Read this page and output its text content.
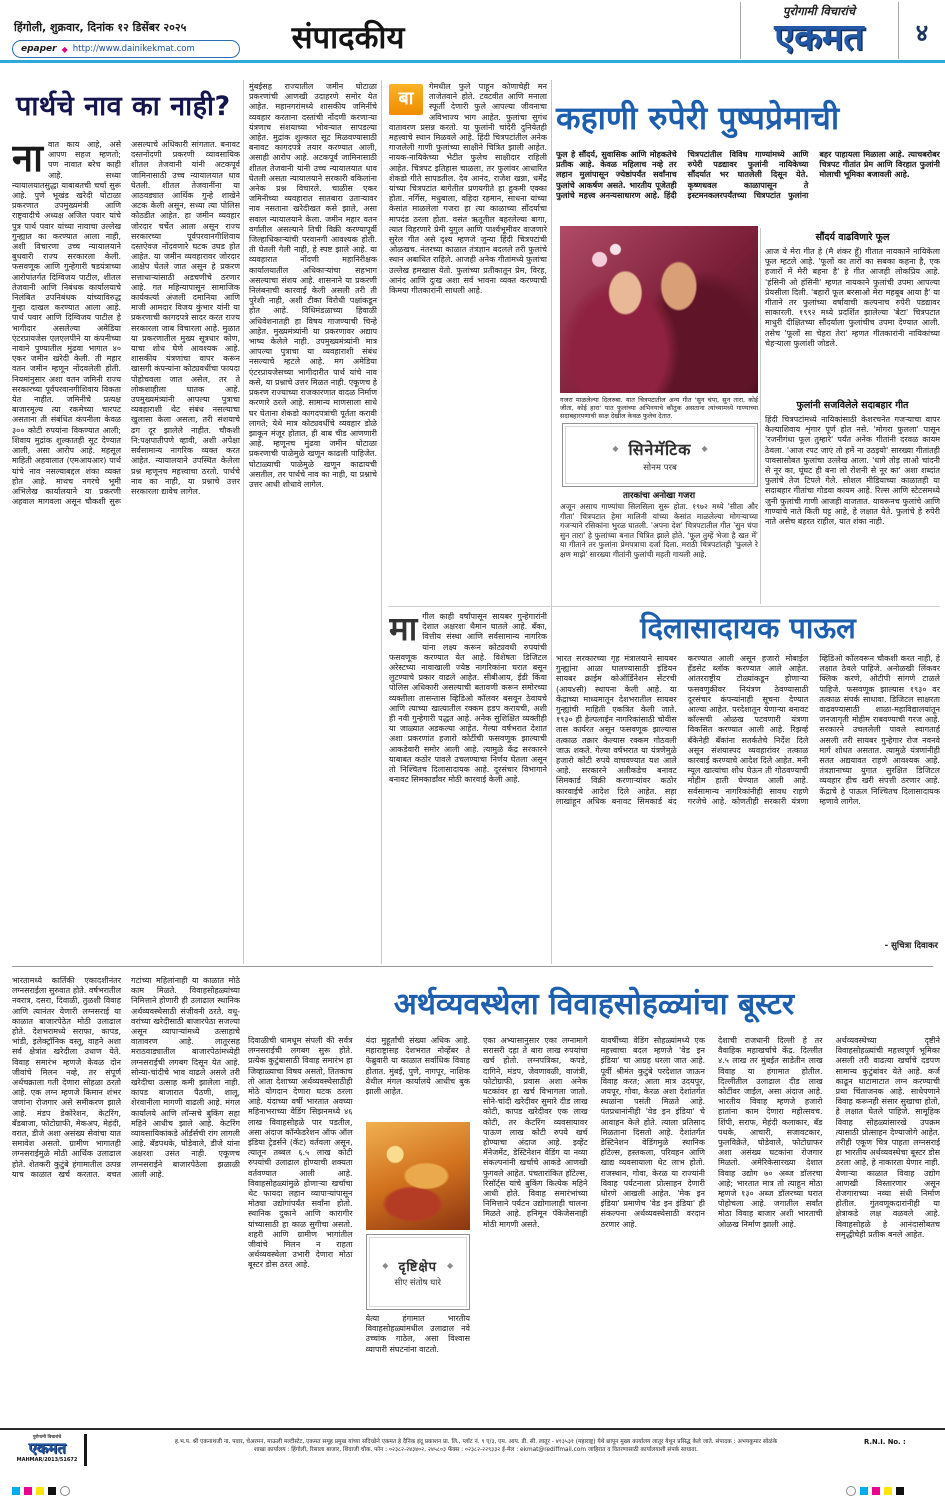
हिंगोली, शुक्रवार, दिनांक १२ डिसेंबर २०२५
epaper ◆ http://www.dainikekmat.com	संपादकीय
पुरोगामी विचारांचे
एकमत	४
पार्थचे नाव का नाही?
नावात काय आहे, असे आपण सहज म्हणतो; पण नावात बरेच काही आहे. सध्या न्यायालयातसुद्धा याबाबतची चर्चा सुरू आहे. पुणे भूखंड खरेदी घोटाळा प्रकरणात उपमुख्यमंत्री आणि राष्ट्रवादीचे अध्यक्ष अजित पवार यांचे पुत्र पार्थ पवार यांच्या नावाचा उल्लेख गुन्ह्यात का करण्यात आला नाही, अशी विचारणा उच्च न्यायालयाने बुधवारी राज्य सरकारला केली. फसवणूक आणि गुन्हेगारी षडयंत्राच्या आरोपांतर्गत दिग्विजय पाटील, शीतल तेजवानी आणि निबंधक कार्यालयाचे निलंबित उपनिबंधक यांच्याविरुद्ध गुन्हा दाखल करण्यात आला आहे. पार्थ पवार आणि दिग्विजय पाटील हे भागीदार असलेल्या अमेडिया एंटरप्रायजेस एलएलपीने या कंपनीच्या नावाने पुण्यातील मुंढवा भागात ४० एकर जमीन खरेदी केली. ती महार वतन जमीन म्हणून नोंदवलेली होती. नियमांनुसार अशा वतन जमिनी राज्य सरकारच्या पूर्वपरवानगीशिवाय विकता येत नाहीत. जमिनीचे प्रत्यक्ष बाजारमूल्य त्या रकमेच्या चारपट असताना ती संबंधित कंपनीला केवळ ३०० कोटी रुपयांना विकण्यात आली; शिवाय मुद्रांक शुल्कातही सूट देण्यात आली, असा आरोप आहे. महसूल माहिती अहवालात (एमआयआर) पार्थ यांचे नाव नसल्याबद्दल शंका व्यक्त होत आहे. माथच नगरचे भूमी अभिलेख कार्यालयाने या प्रकरणी अहवाल मागवला असून चौकशी सुरू असल्याचे अधिकारी सांगतात. बनावट दस्तनोंदणी प्रकरणी व्यावसायिक शीतल तेजवानी यांनी अटकपूर्व जामिनासाठी उच्च न्यायालयात धाव घेतली. शीतल तेजवानींना या आठवड्यात आर्थिक गुन्हे शाखेने अटक केली असून, सध्या त्या पोलिस कोठडीत आहेत. हा जमीन व्यवहार जोरदार चर्चेत आला असून राज्य सरकारच्या पूर्वपरवानगीशिवाय दस्तऐवज नोंदवणारे घटक उघड होत आहेत. या जमीन व्यवहारावर जोरदार आक्षेप घेतले जात असून हे प्रकरण सत्ताधाऱ्यांसाठी अडचणीचे ठरणार आहे. गत महिन्यापासून सामाजिक कार्यकर्त्या अंजली दमानिया आणि माजी आमदार विजय कुंभार यांनी या प्रकरणाची कागदपत्रे सादर करत राज्य सरकारला जाब विचारला आहे. मुळात या प्रकरणातील मुख्य सूत्रधार कोण, याचा शोध घेणे आवश्यक आहे. शासकीय यंत्रणांचा वापर करून खासगी कंपन्यांना कोट्यवधींचा फायदा पोहोचवला जात असेल, तर ते लोकशाहीला घातक आहे. उपमुख्यमंत्र्यांनी आपल्या पुत्राचा व्यवहाराशी थेट संबंध नसल्याचा खुलासा केला असला, तरी संशयाचे ढग दूर झालेले नाहीत. चौकशी नि:पक्षपातीपणे व्हावी, अशी अपेक्षा सर्वसामान्य नागरिक व्यक्त करत आहेत. न्यायालयाने उपस्थित केलेला प्रश्न म्हणूनच महत्त्वाचा ठरतो. पार्थचे नाव का नाही, या प्रश्नाचे उत्तर सरकारला द्यावेच लागेल.
मुंबईसह राज्यातील जमीन घोटाळा प्रकरणांची आणखी उदाहरणे समोर येत आहेत. महानगरांमध्ये शासकीय जमिनींचे व्यवहार करताना दस्तांची नोंदणी करणाऱ्या यंत्रणाच संशयाच्या भोवऱ्यात सापडल्या आहेत. मुद्रांक शुल्कात सूट मिळवण्यासाठी बनावट कागदपत्रे तयार करण्यात आली, असाही आरोप आहे. अटकपूर्व जामिनासाठी शीतल तेजवानी यांनी उच्च न्यायालयात धाव घेतली असता न्यायालयाने सरकारी वकिलांना अनेक प्रश्न विचारले. चाळीस एकर जमिनीच्या व्यवहारात सातबारा उताऱ्यावर नाव नसताना खरेदीखत कसे झाले, असा सवाल न्यायालयाने केला. जमीन महार वतन वर्गातील असल्याने तिची विक्री करण्यापूर्वी जिल्हाधिकाऱ्यांची परवानगी आवश्यक होती. ती घेतली गेली नाही, हे स्पष्ट झाले आहे. या व्यवहारात नोंदणी महानिरीक्षक कार्यालयातील अधिकाऱ्यांचा सहभाग असल्याचा संशय आहे. शासनाने या प्रकरणी निलंबनाची कारवाई केली असली तरी ती पुरेशी नाही, अशी टीका विरोधी पक्षांकडून होत आहे. विधिमंडळाच्या हिवाळी अधिवेशनातही हा विषय गाजण्याची चिन्हे आहेत. मुख्यमंत्र्यांनी या प्रकरणावर अद्याप भाष्य केलेले नाही. उपमुख्यमंत्र्यांनी मात्र आपल्या पुत्राचा या व्यवहाराशी संबंध नसल्याचे म्हटले आहे. मग अमेडिया एंटरप्रायजेसच्या भागीदारीत पार्थ यांचे नाव कसे, या प्रश्नाचे उत्तर मिळत नाही. एकूणच हे प्रकरण राज्याच्या राजकारणात वादळ निर्माण करणारे ठरले आहे. सामान्य माणसाला साधे घर घेताना शेकडो कागदपत्रांची पूर्तता करावी लागते; येथे मात्र कोट्यवधींचे व्यवहार डोळे झाकून मंजूर होतात, ही बाब चीड आणणारी आहे. म्हणूनच मुंढवा जमीन घोटाळा प्रकरणाची पाळेमुळे खणून काढली पाहिजेत. घोटाळ्याची पाळेमुळे खणून काढायची असतील, तर पार्थचे नाव का नाही, या प्रश्नाचे उत्तर आधी शोधावे लागेल.
बा
गेमधील फुले पाहून कोणाचेही मन ताजेतवाने होते. टवटवीत आणि मनाला स्फूर्ती देणारी फुले आपल्या जीवनाचा अविभाज्य भाग आहेत. फुलांचा सुगंध वातावरण प्रसन्न करतो. या फुलांनी चांदेरी दुनियेतही महत्त्वाचे स्थान मिळवले आहे. हिंदी चित्रपटांतील अनेक गाजलेली गाणी फुलांच्या साक्षीने चित्रित झाली आहेत. नायक-नायिकेच्या भेटीत फुलेच साक्षीदार राहिली आहेत. चित्रपट इतिहास चाळला, तर फुलांवर आधारित शेकडो गीते सापडतील. देव आनंद, राजेश खन्ना, धर्मेंद्र यांच्या चित्रपटांत बागेतील प्रणयगीते हा हुकमी एक्का होता. नर्गिस, मधुबाला, वहिदा रहमान, साधना यांच्या केसांत माळलेला गजरा हा त्या काळाच्या सौंदर्याचा मापदंड ठरला होता. वसंत ऋतूतील बहरलेल्या बागा, त्यात विहरणारे प्रेमी युगुल आणि पार्श्वभूमीवर वाजणारे सुरेल गीत असे दृश्य म्हणजे जुन्या हिंदी चित्रपटांची ओळखच. नंतरच्या काळात तंत्रज्ञान बदलले तरी फुलांचे स्थान अबाधित राहिले. आजही अनेक गीतांमध्ये फुलांचा उल्लेख हमखास येतो. फुलांच्या प्रतीकातून प्रेम, विरह, आनंद आणि दुःख अशा सर्व भावना व्यक्त करण्याची किमया गीतकारांनी साधली आहे.
कहाणी रुपेरी पुष्पप्रेमाची
फूल हे सौंदर्य, सुवासिक आणि मोहकतेचे प्रतीक आहे. केवळ महिलाच नव्हे तर लहान मुलांपासून ज्येष्ठांपर्यंत सर्वांनाच फुलांचे आकर्षण असते. भारतीय पूजेतही फुलांचे महत्त्व अनन्यसाधारण आहे. हिंदी चित्रपटांतील विविध गाण्यांमध्ये आणि रुपेरी पडद्यावर फुलांनी नायिकेच्या सौंदर्यात भर घातलेली दिसून येते. कृष्णधवल काळापासून ते इस्टमनकलरपर्यंतच्या चित्रपटांत फुलांना बहर पाहायला मिळाला आहे. त्याचबरोबर चित्रपट गीतांत प्रेम आणि विरहात फुलांनी मोलाची भूमिका बजावली आहे.
गजरा माळलेल्या दिलरुबा. यात चित्रपटातील अन्य गीत 'सुन चंपा, सुन तारा, कोई जीता, कोई हारा' यात फुलांच्या अभिनयाचे कौतुक असताना त्यांच्यामध्ये गाण्याच्या सदाबहारपणाची साक्ष देखील केवळ फुलेच देतात.
◆ सिनेमॅटिक ◆
सोनम परब
तारकांचा अनोखा गजरा
अजून असाच गाण्यांचा सिलसिला सुरू होता. १९७२ मध्ये 'सीता और गीता' चित्रपटात हेमा मालिनी यांच्या केसांत माळलेल्या मोगऱ्याच्या गजऱ्याने रसिकांना भुरळ घातली. 'अपना देश' चित्रपटातील गीत 'सुन चंपा सुन तारा' हे फुलांच्या बनात चित्रित झाले होते. 'फूल तुम्हें भेजा है खत में' या गीताने तर फुलांना प्रेमपत्राचा दर्जा दिला. मराठी चित्रपटांतही 'फुलले रे क्षण माझे' सारख्या गीतांनी फुलांची महती गायली आहे.
सौंदर्य वाढविणारे फूल
आज ये मेरा गीत हे (मै शंकर हूँ) गीतात नायकाने नायिकेला फूल म्हटले आहे. 'फूलों का तारों का सबका कहना है, एक हजारों में मेरी बहना है' हे गीत आजही लोकप्रिय आहे. 'हंसिनी ओ हंसिनी' म्हणत नायकाने फुलांची उपमा आपल्या प्रेयसीला दिली. 'बहारों फूल बरसाओ मेरा महबूब आया है' या गीताने तर फुलांच्या वर्षावाची कल्पनाच रुपेरी पडद्यावर साकारली. १९९२ मध्ये प्रदर्शित झालेल्या 'बेटा' चित्रपटात माधुरी दीक्षितच्या सौंदर्याला फुलांचीच उपमा देण्यात आली. तसेच 'फूलों सा चेहरा तेरा' म्हणत गीतकारांनी नायिकांच्या चेहऱ्याला फुलांशी जोडले.
फुलांनी सजविलेले सदाबहार गीत
हिंदी चित्रपटांमध्ये नायिकांसाठी केशरचनेत गजऱ्याचा वापर केल्याशिवाय शृंगार पूर्ण होत नसे. 'मोगरा फुलला' पासून 'रजनीगंधा फूल तुम्हारे' पर्यंत अनेक गीतांनी दरवळ कायम ठेवला. 'आज रपट जाएं तो हमें ना उठइयो' सारख्या गीतांतही पावसासोबत फुलांचा उल्लेख आला. 'धागे तोड़ लाओ चांदनी से नूर का, घूंघट ही बना लो रोशनी से नूर का' अशा शब्दांत फुलांचे तेज टिपले गेले. सोशल मीडियाच्या काळातही या सदाबहार गीतांचा गोडवा कायम आहे. रिल्स आणि स्टेटसमध्ये जुनी फुलांची गाणी आजही वाजतात. यावरूनच फुलांचे आणि गाण्यांचे नाते किती घट्ट आहे, हे लक्षात येते. फुलांचे हे रुपेरी नाते असेच बहरत राहील, यात शंका नाही.
मागील काही वर्षांपासून सायबर गुन्हेगारांनी देशात अक्षरशः थैमान घातले आहे. बँका, वित्तीय संस्था आणि सर्वसामान्य नागरिक यांना लक्ष्य करून कोट्यवधी रुपयांची फसवणूक करण्यात येत आहे. विशेषतः डिजिटल अरेस्टच्या नावाखाली ज्येष्ठ नागरिकांना घरात बसून लुटण्याचे प्रकार वाढले आहेत. सीबीआय, ईडी किंवा पोलिस अधिकारी असल्याची बतावणी करून समोरच्या व्यक्तीला तासन्तास व्हिडिओ कॉलवर बसवून ठेवायचे आणि त्याच्या खात्यातील रक्कम हडप करायची, अशी ही नवी गुन्हेगारी पद्धत आहे. अनेक सुशिक्षित व्यक्तीही या जाळ्यात अडकल्या आहेत. गेल्या वर्षभरात देशात अशा प्रकरणांत हजारो कोटींची फसवणूक झाल्याची आकडेवारी समोर आली आहे. त्यामुळे केंद्र सरकारने याबाबत कठोर पावले उचलण्याचा निर्णय घेतला असून तो निश्चितच दिलासादायक आहे. दूरसंचार विभागाने बनावट सिमकार्डांवर मोठी कारवाई केली आहे.
दिलासादायक पाऊल
भारत सरकारच्या गृह मंत्रालयाने सायबर गुन्ह्यांना आळा घालण्यासाठी इंडियन सायबर क्राईम कोऑर्डिनेशन सेंटरची (आय४सी) स्थापना केली आहे. या केंद्राच्या माध्यमातून देशभरातील सायबर गुन्ह्यांची माहिती एकत्रित केली जाते. १९३० ही हेल्पलाईन नागरिकांसाठी चोवीस तास कार्यरत असून फसवणूक झाल्यास तत्काळ तक्रार केल्यास रक्कम गोठवली जाऊ शकते. गेल्या वर्षभरात या यंत्रणेमुळे हजारो कोटी रुपये वाचवण्यात यश आले आहे. सरकारने अलीकडेच बनावट सिमकार्ड विक्री करणाऱ्यांवर कठोर कारवाईचे आदेश दिले आहेत. सहा लाखांहून अधिक बनावट सिमकार्ड बंद करण्यात आली असून हजारो मोबाईल हँडसेट ब्लॉक करण्यात आले आहेत. आंतरराष्ट्रीय टोळ्यांकडून होणाऱ्या फसवणुकीवर नियंत्रण ठेवण्यासाठी दूरसंचार कंपन्यांनाही सूचना देण्यात आल्या आहेत. परदेशातून येणाऱ्या बनावट कॉल्सची ओळख पटवणारी यंत्रणा विकसित करण्यात आली आहे. रिझर्व्ह बँकेनेही बँकांना सतर्कतेचे निर्देश दिले असून संशयास्पद व्यवहारांवर तत्काळ कारवाई करण्याचे आदेश दिले आहेत. मनी म्यूल खात्यांचा शोध घेऊन ती गोठवण्याची मोहीम हाती घेण्यात आली आहे. सर्वसामान्य नागरिकांनीही सावध राहणे गरजेचे आहे. कोणतीही सरकारी यंत्रणा व्हिडिओ कॉलवरून चौकशी करत नाही, हे लक्षात ठेवले पाहिजे. अनोळखी लिंकवर क्लिक करणे, ओटीपी सांगणे टाळले पाहिजे. फसवणूक झाल्यास १९३० वर तत्काळ संपर्क साधावा. डिजिटल साक्षरता वाढवण्यासाठी शाळा-महाविद्यालयांतून जनजागृती मोहीम राबवण्याची गरज आहे. सरकारने उचललेली पावले स्वागतार्ह असली तरी सायबर गुन्हेगार रोज नवनवे मार्ग शोधत असतात. त्यामुळे यंत्रणांनीही सतत अद्ययावत राहणे आवश्यक आहे. तंत्रज्ञानाच्या युगात सुरक्षित डिजिटल व्यवहार हीच खरी संपत्ती ठरणार आहे. केंद्राचे हे पाऊल निश्चितच दिलासादायक म्हणावे लागेल.
- सुचित्रा दिवाकर
भारतामध्ये कार्तिकी एकादशीनंतर लग्नसराईला सुरुवात होते. वर्षभरातील नवरात्र, दसरा, दिवाळी, तुळशी विवाह आणि त्यानंतर येणारी लग्नसराई या काळात बाजारपेठेत मोठी उलाढाल होते. देशभरामध्ये सराफा, कापड, भांडी, इलेक्ट्रॉनिक वस्तू, वाहने अशा सर्व क्षेत्रांत खरेदीला उधाण येते. विवाह समारंभ म्हणजे केवळ दोन जीवांचे मिलन नव्हे, तर संपूर्ण अर्थचक्राला गती देणारा सोहळा ठरतो आहे. एक लग्न म्हणजे किमान शंभर जणांना रोजगार असे समीकरण झाले आहे. मंडप डेकोरेशन, केटरिंग, बँडबाजा, फोटोग्राफी, मेकअप, मेहंदी, वरात, डीजे अशा असंख्य सेवांचा यात समावेश असतो. ग्रामीण भागातही लग्नसराईमुळे मोठी आर्थिक उलाढाल होते. शेतकरी कुटुंबे हंगामातील उत्पन्न याच काळात खर्च करतात. बचत गटांच्या महिलांनाही या काळात मोठे काम मिळते. विवाहसोहळ्यांच्या निमित्ताने होणारी ही उलाढाल स्थानिक अर्थव्यवस्थेसाठी संजीवनी ठरते. वधू-वरांच्या खरेदीसाठी बाजारपेठा सजल्या असून व्यापाऱ्यांमध्ये उत्साहाचे वातावरण आहे. लातूरसह मराठवाड्यातील बाजारपेठांमध्येही लग्नसराईची लगबग दिसून येत आहे. सोन्या-चांदीचे भाव वाढले असले तरी खरेदीचा उत्साह कमी झालेला नाही. कापड बाजारात पैठणी, शालू, शेरवानीला मागणी वाढली आहे. मंगल कार्यालये आणि लॉन्सचे बुकिंग सहा महिने आधीच झाले आहे. केटरिंग व्यावसायिकांकडे ऑर्डर्सची रांग लागली आहे. बँडपथके, घोडेवाले, डीजे यांना अक्षरशः उसंत नाही. एकूणच लग्नसराईने बाजारपेठेला झळाळी आली आहे.
अर्थव्यवस्थेला विवाहसोहळ्यांचा बूस्टर
दिवाळीची धामधूम संपली की सर्वत्र लग्नसराईची लगबग सुरू होते. प्रत्येक कुटुंबासाठी विवाह समारंभ हा जिव्हाळ्याचा विषय असतो, तितकाच तो आता देशाच्या अर्थव्यवस्थेसाठीही मोठे योगदान देणारा घटक ठरला आहे. यंदाच्या वर्षी भारतात अवघ्या महिनाभराच्या वेडिंग सिझनमध्ये ४६ लाख विवाहसोहळे पार पडतील, असा अंदाज कॉन्फेडरेशन ऑफ ऑल इंडिया ट्रेडर्सने (कॅट) वर्तवला असून, त्यातून तब्बल ६.५ लाख कोटी रुपयांची उलाढाल होण्याची शक्यता वर्तवण्यात आली आहे. विवाहसोहळ्यांमुळे होणाऱ्या खर्चाचा थेट फायदा लहान व्यापाऱ्यांपासून मोठ्या उद्योगांपर्यंत सर्वांना होतो. स्थानिक दुकाने आणि कारागीर यांच्यासाठी हा काळ सुगीचा असतो. शहरी आणि ग्रामीण भागांतील जीवांचे मिलन न राहता अर्थव्यवस्थेला उभारी देणारा मोठा बूस्टर डोस ठरत आहे.
यंदा मुहूर्तांची संख्या अधिक आहे. महाराष्ट्रासह देशभरात नोव्हेंबर ते फेब्रुवारी या काळात सर्वाधिक विवाह होतात. मुंबई, पुणे, नागपूर, नाशिक येथील मंगल कार्यालये आधीच बुक झाली आहेत.
◆ दृष्टिक्षेप ◆
सीए संतोष घारे
येत्या हंगामात भारतीय विवाहसोहळ्यांमधील उलाढाल नवे उच्चांक गाठेल, असा विश्वास व्यापारी संघटनांना वाटतो.
एका अभ्यासानुसार एका लग्नामागे सरासरी दहा ते बारा लाख रुपयांचा खर्च होतो. लग्नपत्रिका, कपडे, दागिने, मंडप, जेवणावळी, वाजंत्री, फोटोग्राफी, प्रवास अशा अनेक घटकांवर हा खर्च विभागला जातो. सोने-चांदी खरेदीवर सुमारे दीड लाख कोटी, कापड खरेदीवर एक लाख कोटी, तर केटरिंग व्यवसायावर पाऊण लाख कोटी रुपये खर्च होण्याचा अंदाज आहे. इव्हेंट मॅनेजमेंट, डेस्टिनेशन वेडिंग या नव्या संकल्पनांनी खर्चाचे आकडे आणखी फुगवले आहेत. पंचतारांकित हॉटेल्स, रिसॉर्ट्स यांचे बुकिंग कित्येक महिने आधी होते. विवाह समारंभांच्या निमित्ताने पर्यटन उद्योगालाही चालना मिळते आहे. हनिमून पॅकेजेसनाही मोठी मागणी असते.
यावर्षीच्या वेडिंग सोहळ्यांमध्ये एक महत्त्वाचा बदल म्हणजे 'वेड इन इंडिया' चा आग्रह धरला जात आहे. पूर्वी श्रीमंत कुटुंबे परदेशात जाऊन विवाह करत; आता मात्र उदयपूर, जयपूर, गोवा, केरळ अशा देशांतर्गत स्थळांना पसंती मिळते आहे. पंतप्रधानांनीही 'वेड इन इंडिया' चे आवाहन केले होते. त्याला प्रतिसाद मिळताना दिसतो आहे. देशांतर्गत डेस्टिनेशन वेडिंगमुळे स्थानिक हॉटेल्स, हस्तकला, परिवहन आणि खाद्य व्यवसायाला थेट लाभ होतो. राजस्थान, गोवा, केरळ या राज्यांनी विवाह पर्यटनाला प्रोत्साहन देणारी धोरणे आखली आहेत. 'मेक इन इंडिया' प्रमाणेच 'वेड इन इंडिया' ही संकल्पना अर्थव्यवस्थेसाठी वरदान ठरणार आहे.
देशाची राजधानी दिल्ली हे तर वैवाहिक महाखर्चाचे केंद्र. दिल्लीत ४.५ लाख तर मुंबईत साडेतीन लाख विवाह या हंगामात होतील. दिल्लीतील उलाढाल दीड लाख कोटींवर जाईल, असा अंदाज आहे. भारतीय विवाह म्हणजे हजारो हातांना काम देणारा महोत्सवच. शिंपी, सराफ, मेहंदी कलाकार, बँड पथके, आचारी, सजावटकार, फुलविक्रेते, घोडेवाले, फोटोग्राफर अशा असंख्य घटकांना रोजगार मिळतो. अमेरिकेसारख्या देशात विवाह उद्योग ७० अब्ज डॉलरचा आहे; भारतात मात्र तो त्याहून मोठा म्हणजे १३० अब्ज डॉलरच्या घरात पोहोचला आहे. जगातील सर्वांत मोठा विवाह बाजार अशी भारताची ओळख निर्माण झाली आहे.
अर्थव्यवस्थेच्या दृष्टीने विवाहसोहळ्यांची महत्त्वपूर्ण भूमिका असली तरी वाढत्या खर्चाचे दडपण सामान्य कुटुंबांवर येते आहे. कर्ज काढून थाटामाटात लग्न करण्याची प्रथा चिंताजनक आहे. साधेपणाने विवाह करूनही संसार सुखाचा होतो, हे लक्षात घेतले पाहिजे. सामूहिक विवाह सोहळ्यांसारखे उपक्रम त्यासाठी प्रोत्साहन देण्याजोगे आहेत. तरीही एकूण चित्र पाहता लग्नसराई हा भारतीय अर्थव्यवस्थेचा बूस्टर डोस ठरला आहे, हे नाकारता येणार नाही. येणाऱ्या काळात विवाह उद्योग आणखी विस्तारणार असून रोजगाराच्या नव्या संधी निर्माण होतील. गुंतवणूकदारांनीही या क्षेत्राकडे लक्ष वळवले आहे. विवाहसोहळे हे आनंदासोबतच समृद्धीचेही प्रतीक बनले आहेत.
पुरोगामी विचारांचे
एकमत
MAHMAR/2013/51672
ह.भ.प. श्री एकनाथजी ना. पवार, चेअरमन, माऊली मल्टीस्टेट, एकमत समूह प्रमुख यांच्या सदिच्छेने एकमत हे दैनिक इंदू प्रकाशन प्रा. लि., प्लॉट नं. ९ ए/३, एम. आय. डी. सी. लातूर - ४१३५३१ (महाराष्ट्र) येथे छापून मुख्य कार्यालय लातूर येथून प्रसिद्ध केले जाते. संपादक : अभयकुमार सोळंके
शाखा कार्यालय : हिंगोली, रिसाला बाजार, शिवाजी चौक. फोन : ०२३८२-२४३४०२, २४५८०३ फॅक्स : ०२३८२-२२९३३२ ई-मेल : ekmat@rediffmail.com जाहिरात व वितरणासाठी कार्यालयाशी संपर्क साधावा.
R.N.I. No. :
